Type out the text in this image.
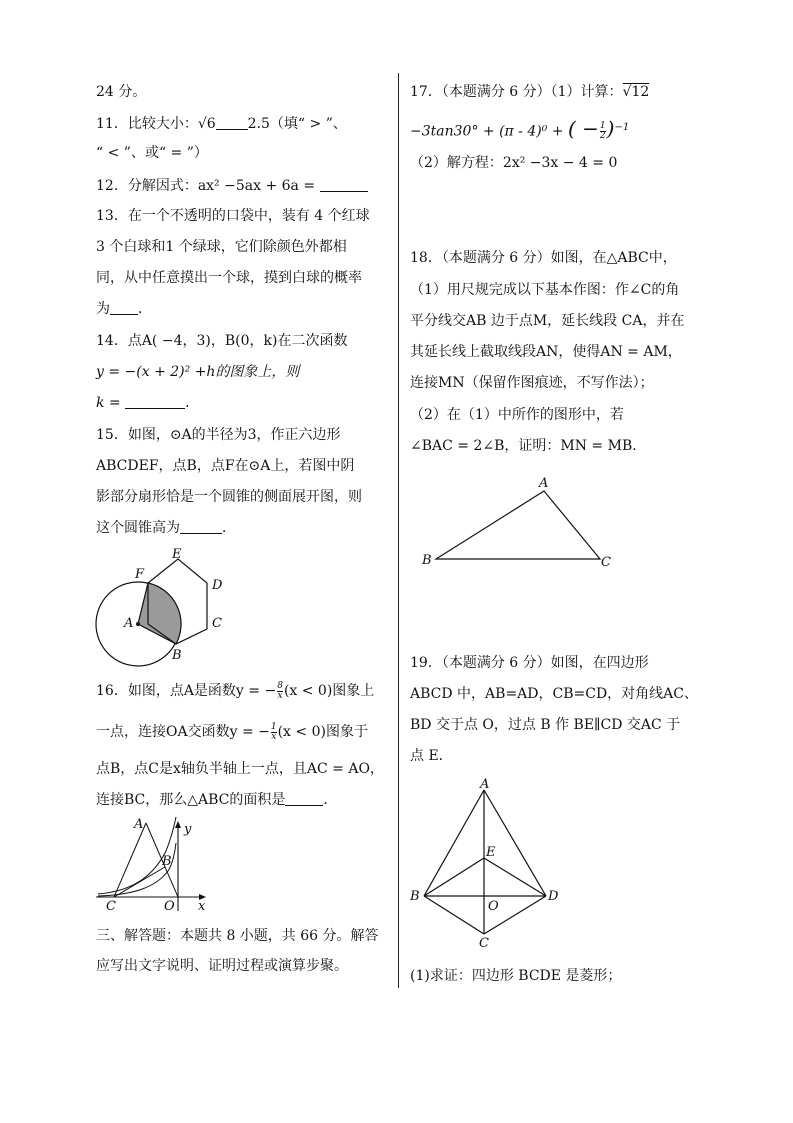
24 分。
11．比较大小：√6 2.5（填“ > ”、
“ < ”、或“ = ”）
12．分解因式：ax² −5ax + 6a =
13．在一个不透明的口袋中，装有 4 个红球
3 个白球和1 个绿球，它们除颜色外都相
同，从中任意摸出一个球，摸到白球的概率
为 ．
14．点A( −4，3)，B(0，k)在二次函数
y = −(x + 2)² +h的图象上，则
k =	．
15．如图，⊙A的半径为3，作正六边形
ABCDEF，点B，点F在⊙A上，若图中阴
影部分扇形恰是一个圆锥的侧面展开图，则
这个圆锥高为	．
E
F
D
A	C
B
16．如图，点A是函数y = − $\frac{8}{x} (x < 0)$图象上
一点，连接OA交函数y = − $\frac{1}{x} (x < 0)$图象于
点B，点C是x轴负半轴上一点，且AC = AO，
连接BC，那么△ABC的面积是	．
A	y
B
C	O x
三、解答题：本题共 8 小题，共 66 分。解答
应写出文字说明、证明过程或演算步聚。
17．（本题满分 6 分）（1）计算：√12
−3tan30° + (π - 4)⁰ + ( − $\frac{1}{2} )^{-1}$
（2）解方程：2x² −3x − 4 = 0
18．（本题满分 6 分）如图，在△ABC中，
（1）用尺规完成以下基本作图：作∠C的角
平分线交AB 边于点M，延长线段 CA，并在
其延长线上截取线段AN，使得AN = AM，
连接MN（保留作图痕迹，不写作法）；
（2）在（1）中所作的图形中，若
∠BAC = 2∠B，证明：MN = MB．
A
B	C
19．（本题满分 6 分）如图，在四边形
ABCD 中，AB=AD，CB=CD，对角线AC、
BD 交于点 O，过点 B 作 BE∥CD 交AC 于
点 E．
A
E
B
O
D
C
(1)求证：四边形 BCDE 是菱形；
